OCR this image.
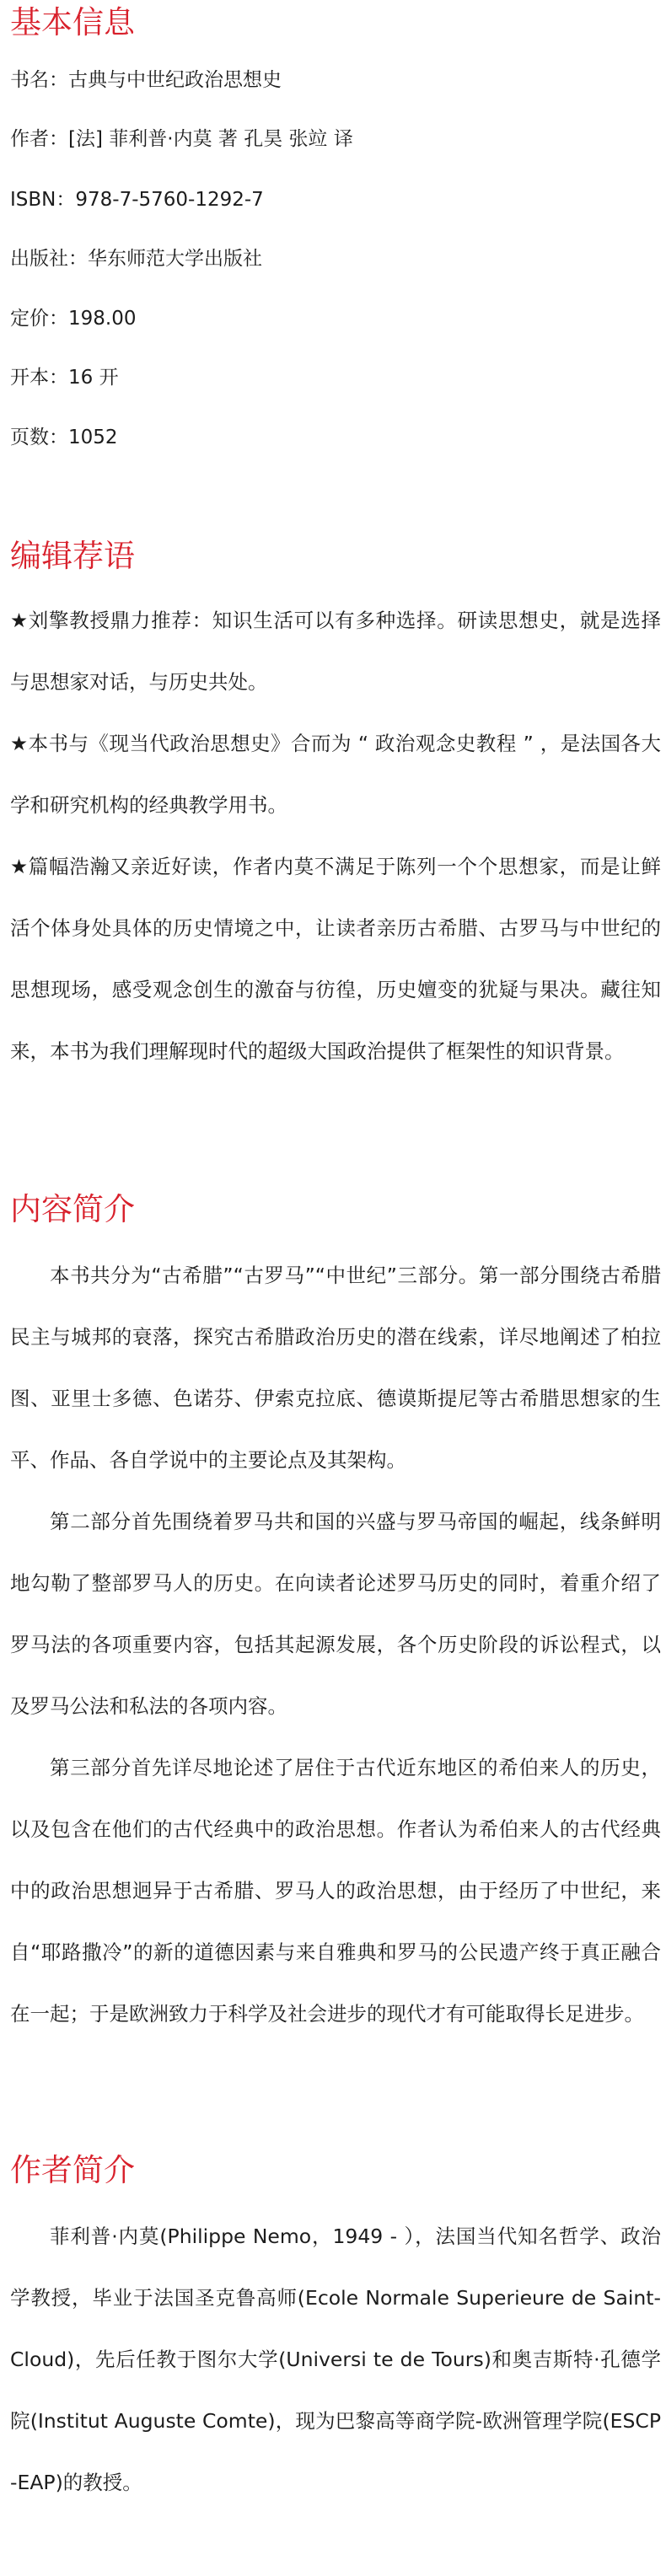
基本信息

书名：古典与中世纪政治思想史

作者：[法] 菲利普·内莫 著 孔昊 张竝 译

ISBN：978-7-5760-1292-7

出版社：华东师范大学出版社

定价：198.00

开本：16 开

页数：1052

编辑荐语

★刘擎教授鼎力推荐：知识生活可以有多种选择。研读思想史，就是选择与思想家对话，与历史共处。

★本书与《现当代政治思想史》合而为 “ 政治观念史教程 ” ，是法国各大学和研究机构的经典教学用书。

★篇幅浩瀚又亲近好读，作者内莫不满足于陈列一个个思想家，而是让鲜活个体身处具体的历史情境之中，让读者亲历古希腊、古罗马与中世纪的思想现场，感受观念创生的激奋与彷徨，历史嬗变的犹疑与果决。藏往知来，本书为我们理解现时代的超级大国政治提供了框架性的知识背景。

内容简介

本书共分为“古希腊”“古罗马”“中世纪”三部分。第一部分围绕古希腊民主与城邦的衰落，探究古希腊政治历史的潜在线索，详尽地阐述了柏拉图、亚里士多德、色诺芬、伊索克拉底、德谟斯提尼等古希腊思想家的生平、作品、各自学说中的主要论点及其架构。

第二部分首先围绕着罗马共和国的兴盛与罗马帝国的崛起，线条鲜明地勾勒了整部罗马人的历史。在向读者论述罗马历史的同时，着重介绍了罗马法的各项重要内容，包括其起源发展，各个历史阶段的诉讼程式，以及罗马公法和私法的各项内容。

第三部分首先详尽地论述了居住于古代近东地区的希伯来人的历史，以及包含在他们的古代经典中的政治思想。作者认为希伯来人的古代经典中的政治思想迥异于古希腊、罗马人的政治思想，由于经历了中世纪，来自“耶路撒冷”的新的道德因素与来自雅典和罗马的公民遗产终于真正融合在一起；于是欧洲致力于科学及社会进步的现代才有可能取得长足进步。

作者简介

菲利普·内莫(Philippe Nemo，1949 - ），法国当代知名哲学、政治学教授，毕业于法国圣克鲁高师(Ecole Normale Superieure de Saint-Cloud)，先后任教于图尔大学(Universi te de Tours)和奥吉斯特·孔德学院(Institut Auguste Comte)，现为巴黎高等商学院-欧洲管理学院(ESCP-EAP)的教授。
